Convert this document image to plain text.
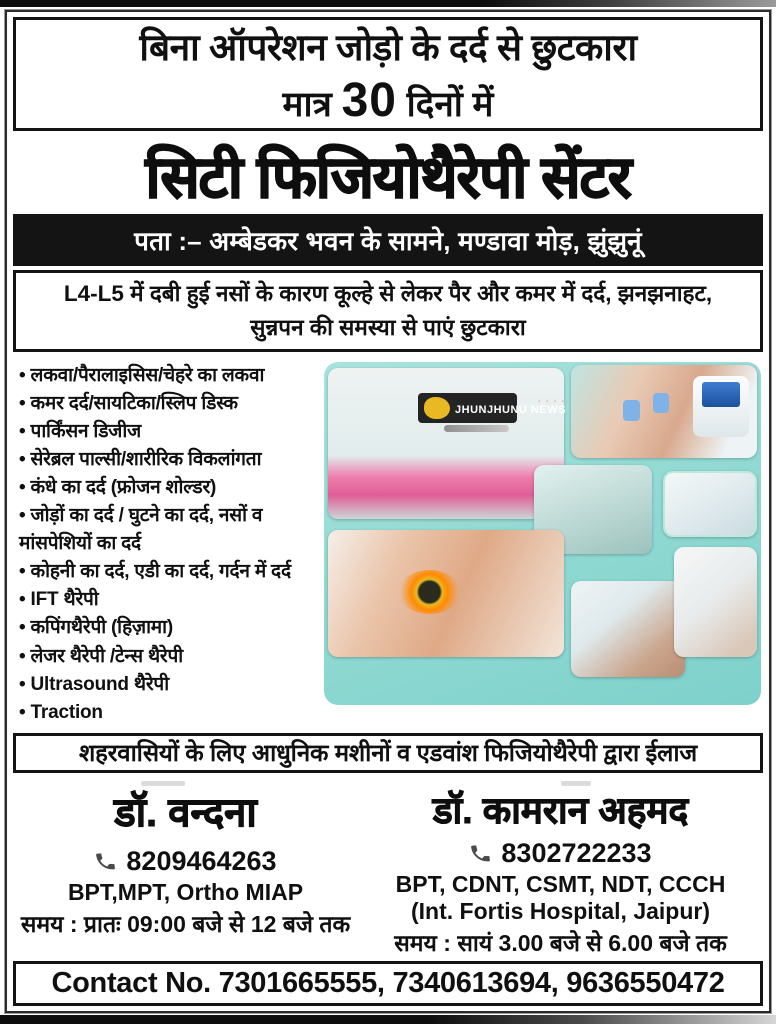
बिना ऑपरेशन जोड़ो के दर्द से छुटकारा
मात्र 30 दिनों में
सिटी फिजियोथैरेपी सेंटर
पता :– अम्बेडकर भवन के सामने, मण्डावा मोड़, झुंझुनूं
L4-L5 में दबी हुई नसों के कारण कूल्हे से लेकर पैर और कमर में दर्द, झनझनाहट, सुन्नपन की समस्या से पाएं छुटकारा
• लकवा/पैरालाइसिस/चेहरे का लकवा
• कमर दर्द/सायटिका/स्लिप डिस्क
• पार्किंसन डिजीज
• सेरेब्रल पाल्सी/शारीरिक विकलांगता
• कंधे का दर्द (फ्रोजन शोल्डर)
• जोड़ों का दर्द / घुटने का दर्द, नसों व मांसपेशियों का दर्द
• कोहनी का दर्द, एडी का दर्द, गर्दन में दर्द
• IFT थैरेपी
• कपिंगथैरेपी (हिज़ामा)
• लेजर थैरेपी /टेन्स थैरेपी
• Ultrasound थैरेपी
• Traction
◦ ◦ ◦ ◦
JHUNJHUNU NEWS
शहरवासियों के लिए आधुनिक मशीनों व एडवांश फिजियोथैरेपी द्वारा ईलाज
डॉ. वन्दना
8209464263
BPT,MPT, Ortho MIAP
समय : प्रातः 09:00 बजे से 12 बजे तक
डॉ. कामरान अहमद
8302722233
BPT, CDNT, CSMT, NDT, CCCH
(Int. Fortis Hospital, Jaipur)
समय : सायं 3.00 बजे से 6.00 बजे तक
Contact No. 7301665555, 7340613694, 9636550472
